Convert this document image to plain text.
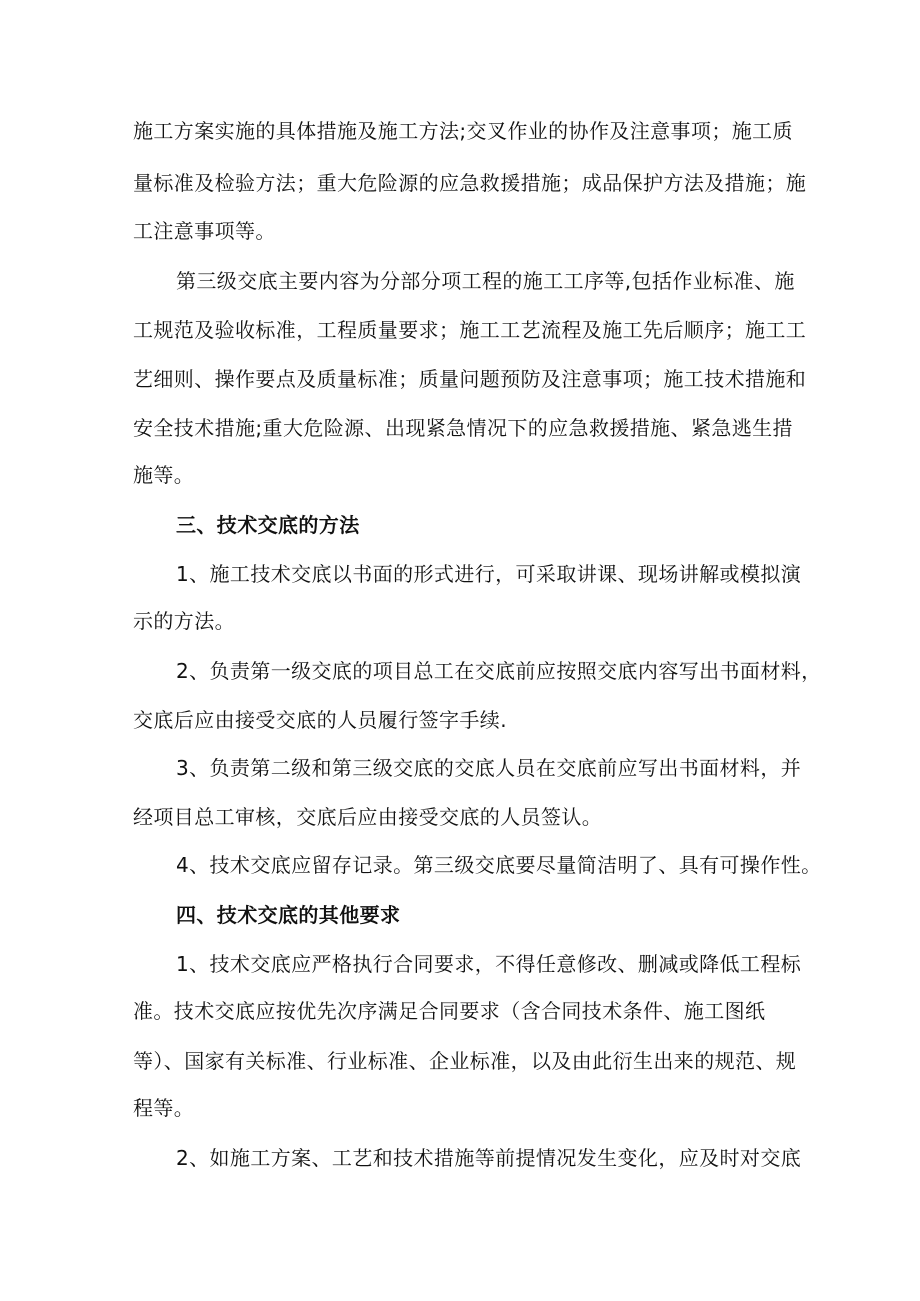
施工方案实施的具体措施及施工方法;交叉作业的协作及注意事项；施工质
量标准及检验方法；重大危险源的应急救援措施；成品保护方法及措施；施
工注意事项等。
第三级交底主要内容为分部分项工程的施工工序等,包括作业标准、施
工规范及验收标准，工程质量要求；施工工艺流程及施工先后顺序；施工工
艺细则、操作要点及质量标准；质量问题预防及注意事项；施工技术措施和
安全技术措施;重大危险源、出现紧急情况下的应急救援措施、紧急逃生措
施等。
三、技术交底的方法
1、施工技术交底以书面的形式进行，可采取讲课、现场讲解或模拟演
示的方法。
2、负责第一级交底的项目总工在交底前应按照交底内容写出书面材料，
交底后应由接受交底的人员履行签字手续.
3、负责第二级和第三级交底的交底人员在交底前应写出书面材料，并
经项目总工审核，交底后应由接受交底的人员签认。
4、技术交底应留存记录。第三级交底要尽量简洁明了、具有可操作性。
四、技术交底的其他要求
1、技术交底应严格执行合同要求，不得任意修改、删减或降低工程标
准。技术交底应按优先次序满足合同要求（含合同技术条件、施工图纸
等）、国家有关标准、行业标准、企业标准，以及由此衍生出来的规范、规
程等。
2、如施工方案、工艺和技术措施等前提情况发生变化，应及时对交底
